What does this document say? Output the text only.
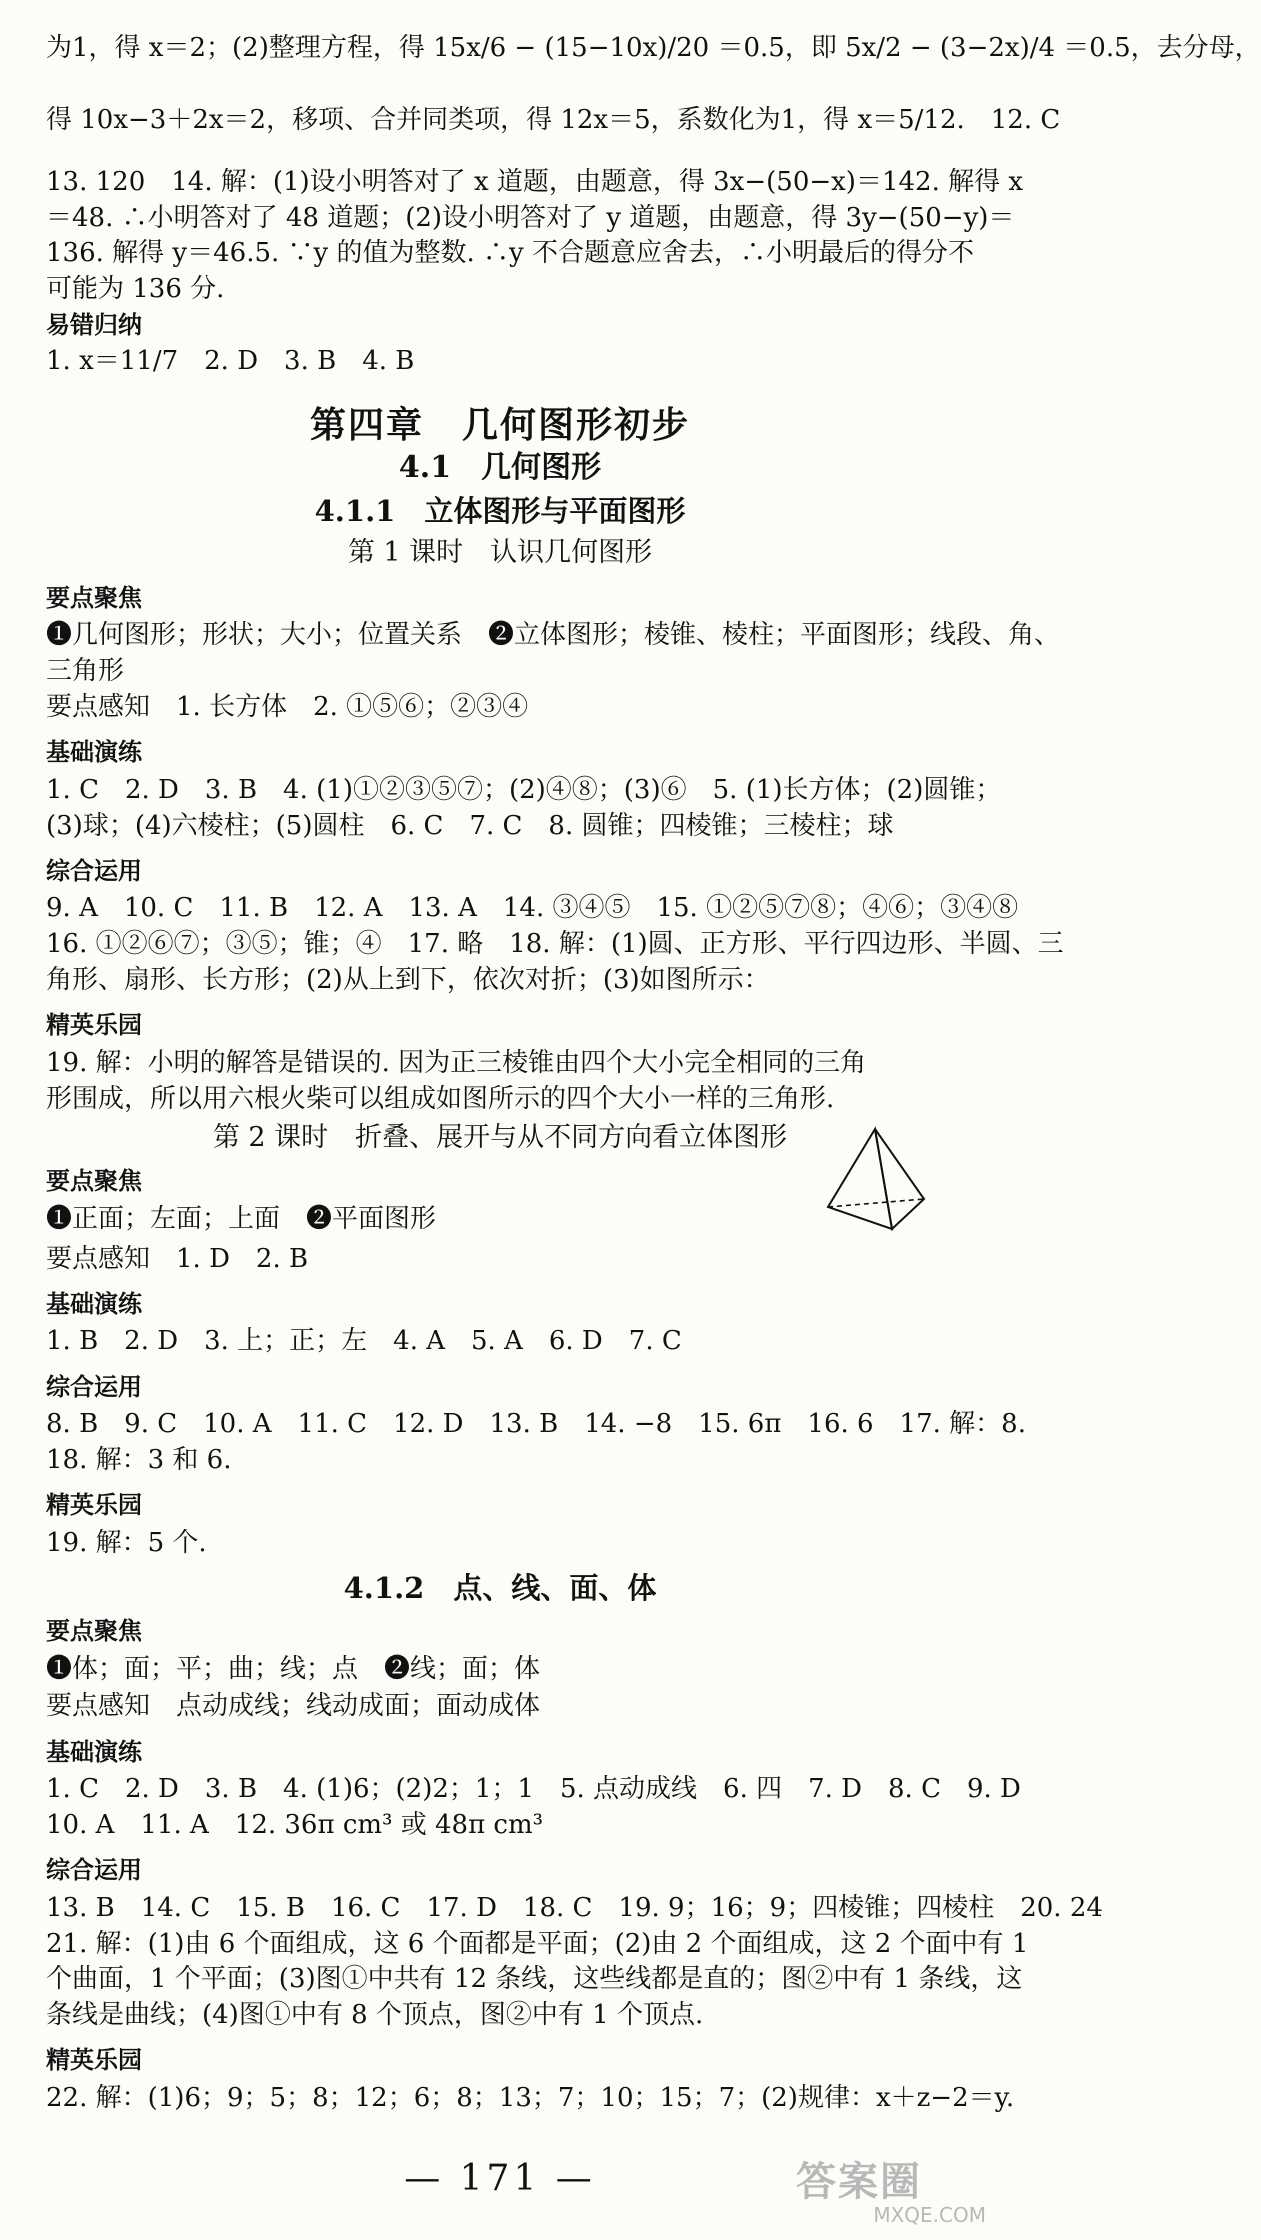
为1，得 x＝2；(2)整理方程，得 15x/6 − (15−10x)/20 ＝0.5，即 5x/2 − (3−2x)/4 ＝0.5，去分母，
得 10x−3＋2x＝2，移项、合并同类项，得 12x＝5，系数化为1，得 x＝5/12.　12. C
13. 120　14. 解：(1)设小明答对了 x 道题，由题意，得 3x−(50−x)＝142. 解得 x
＝48. ∴小明答对了 48 道题；(2)设小明答对了 y 道题，由题意，得 3y−(50−y)＝
136. 解得 y＝46.5. ∵y 的值为整数. ∴y 不合题意应舍去，∴小明最后的得分不
可能为 136 分.
易错归纳
1. x＝11/7　2. D　3. B　4. B
第四章　几何图形初步
4.1　几何图形
4.1.1　立体图形与平面图形
第 1 课时　认识几何图形
要点聚焦
❶几何图形；形状；大小；位置关系　❷立体图形；棱锥、棱柱；平面图形；线段、角、
三角形
要点感知　1. 长方体　2. ①⑤⑥；②③④
基础演练
1. C　2. D　3. B　4. (1)①②③⑤⑦；(2)④⑧；(3)⑥　5. (1)长方体；(2)圆锥；
(3)球；(4)六棱柱；(5)圆柱　6. C　7. C　8. 圆锥；四棱锥；三棱柱；球
综合运用
9. A　10. C　11. B　12. A　13. A　14. ③④⑤　15. ①②⑤⑦⑧；④⑥；③④⑧
16. ①②⑥⑦；③⑤；锥；④　17. 略　18. 解：(1)圆、正方形、平行四边形、半圆、三
角形、扇形、长方形；(2)从上到下，依次对折；(3)如图所示：
精英乐园
19. 解：小明的解答是错误的. 因为正三棱锥由四个大小完全相同的三角
形围成，所以用六根火柴可以组成如图所示的四个大小一样的三角形.
第 2 课时　折叠、展开与从不同方向看立体图形
要点聚焦
❶正面；左面；上面　❷平面图形
要点感知　1. D　2. B
基础演练
1. B　2. D　3. 上；正；左　4. A　5. A　6. D　7. C
综合运用
8. B　9. C　10. A　11. C　12. D　13. B　14. −8　15. 6π　16. 6　17. 解：8.
18. 解：3 和 6.
精英乐园
19. 解：5 个.
4.1.2　点、线、面、体
要点聚焦
❶体；面；平；曲；线；点　❷线；面；体
要点感知　点动成线；线动成面；面动成体
基础演练
1. C　2. D　3. B　4. (1)6；(2)2；1；1　5. 点动成线　6. 四　7. D　8. C　9. D
10. A　11. A　12. 36π cm³ 或 48π cm³
综合运用
13. B　14. C　15. B　16. C　17. D　18. C　19. 9；16；9；四棱锥；四棱柱　20. 24
21. 解：(1)由 6 个面组成，这 6 个面都是平面；(2)由 2 个面组成，这 2 个面中有 1
个曲面，1 个平面；(3)图①中共有 12 条线，这些线都是直的；图②中有 1 条线，这
条线是曲线；(4)图①中有 8 个顶点，图②中有 1 个顶点.
精英乐园
22. 解：(1)6；9；5；8；12；6；8；13；7；10；15；7；(2)规律：x＋z−2＝y.
— 171 —	答案圈
MXQE.COM
